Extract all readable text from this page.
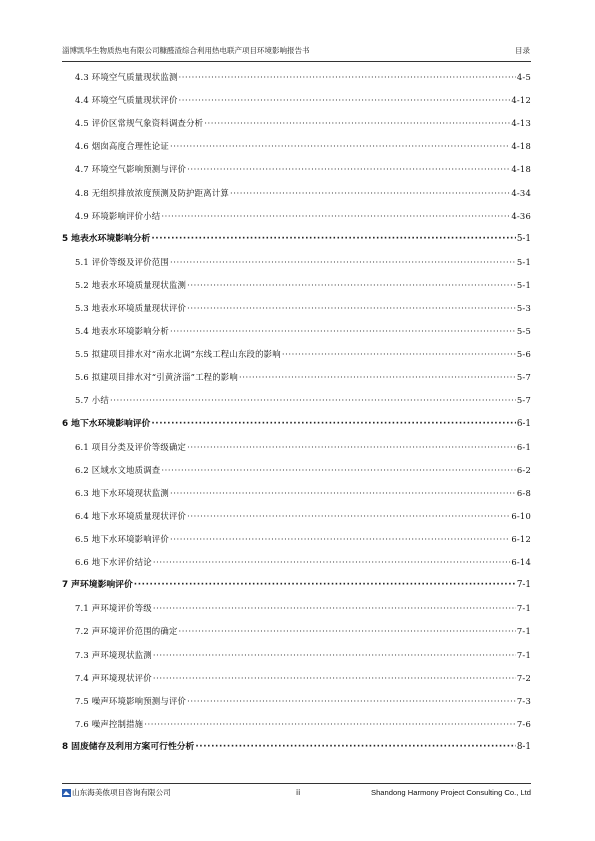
淄博凯华生物质热电有限公司糠醛渣综合利用热电联产项目环境影响报告书	目录
4.3 环境空气质量现状监测 ·····	4-5
4.4 环境空气质量现状评价 ·····	4-12
4.5 评价区常规气象资料调查分析 ·····	4-13
4.6 烟囱高度合理性论证 ·····	4-18
4.7 环境空气影响预测与评价 ·····	4-18
4.8 无组织排放浓度预测及防护距离计算 ·····	4-34
4.9 环境影响评价小结 ·····	4-36
5 地表水环境影响分析 ·····	5-1
5.1 评价等级及评价范围 ·····	5-1
5.2 地表水环境质量现状监测 ·····	5-1
5.3 地表水环境质量现状评价 ·····	5-3
5.4 地表水环境影响分析 ·····	5-5
5.5 拟建项目排水对“南水北调”东线工程山东段的影响 ·····	5-6
5.6 拟建项目排水对“引黄济淄”工程的影响 ·····	5-7
5.7 小结 ·····	5-7
6 地下水环境影响评价 ·····	6-1
6.1 项目分类及评价等级确定 ·····	6-1
6.2 区域水文地质调查 ·····	6-2
6.3 地下水环境现状监测 ·····	6-8
6.4 地下水环境质量现状评价 ·····	6-10
6.5 地下水环境影响评价 ·····	6-12
6.6 地下水评价结论 ·····	6-14
7 声环境影响评价 ·····	7-1
7.1 声环境评价等级 ·····	7-1
7.2 声环境评价范围的确定 ·····	7-1
7.3 声环境现状监测 ·····	7-1
7.4 声环境现状评价 ·····	7-2
7.5 噪声环境影响预测与评价 ·····	7-3
7.6 噪声控制措施 ·····	7-6
8 固废储存及利用方案可行性分析 ·····	8-1
山东海美侬项目咨询有限公司	ii	Shandong Harmony Project Consulting Co., Ltd
